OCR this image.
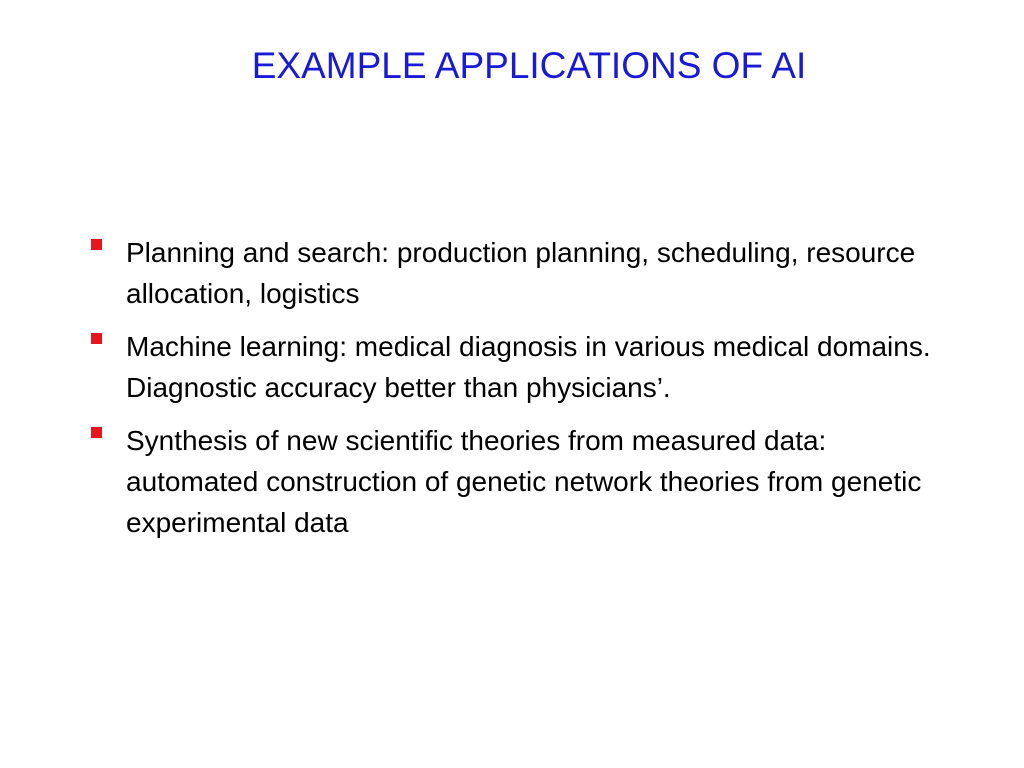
EXAMPLE APPLICATIONS OF AI
Planning and search: production planning, scheduling, resource allocation, logistics
Machine learning: medical diagnosis in various medical domains. Diagnostic accuracy better than physicians’.
Synthesis of new scientific theories from measured data: automated construction of genetic network theories from genetic experimental data
